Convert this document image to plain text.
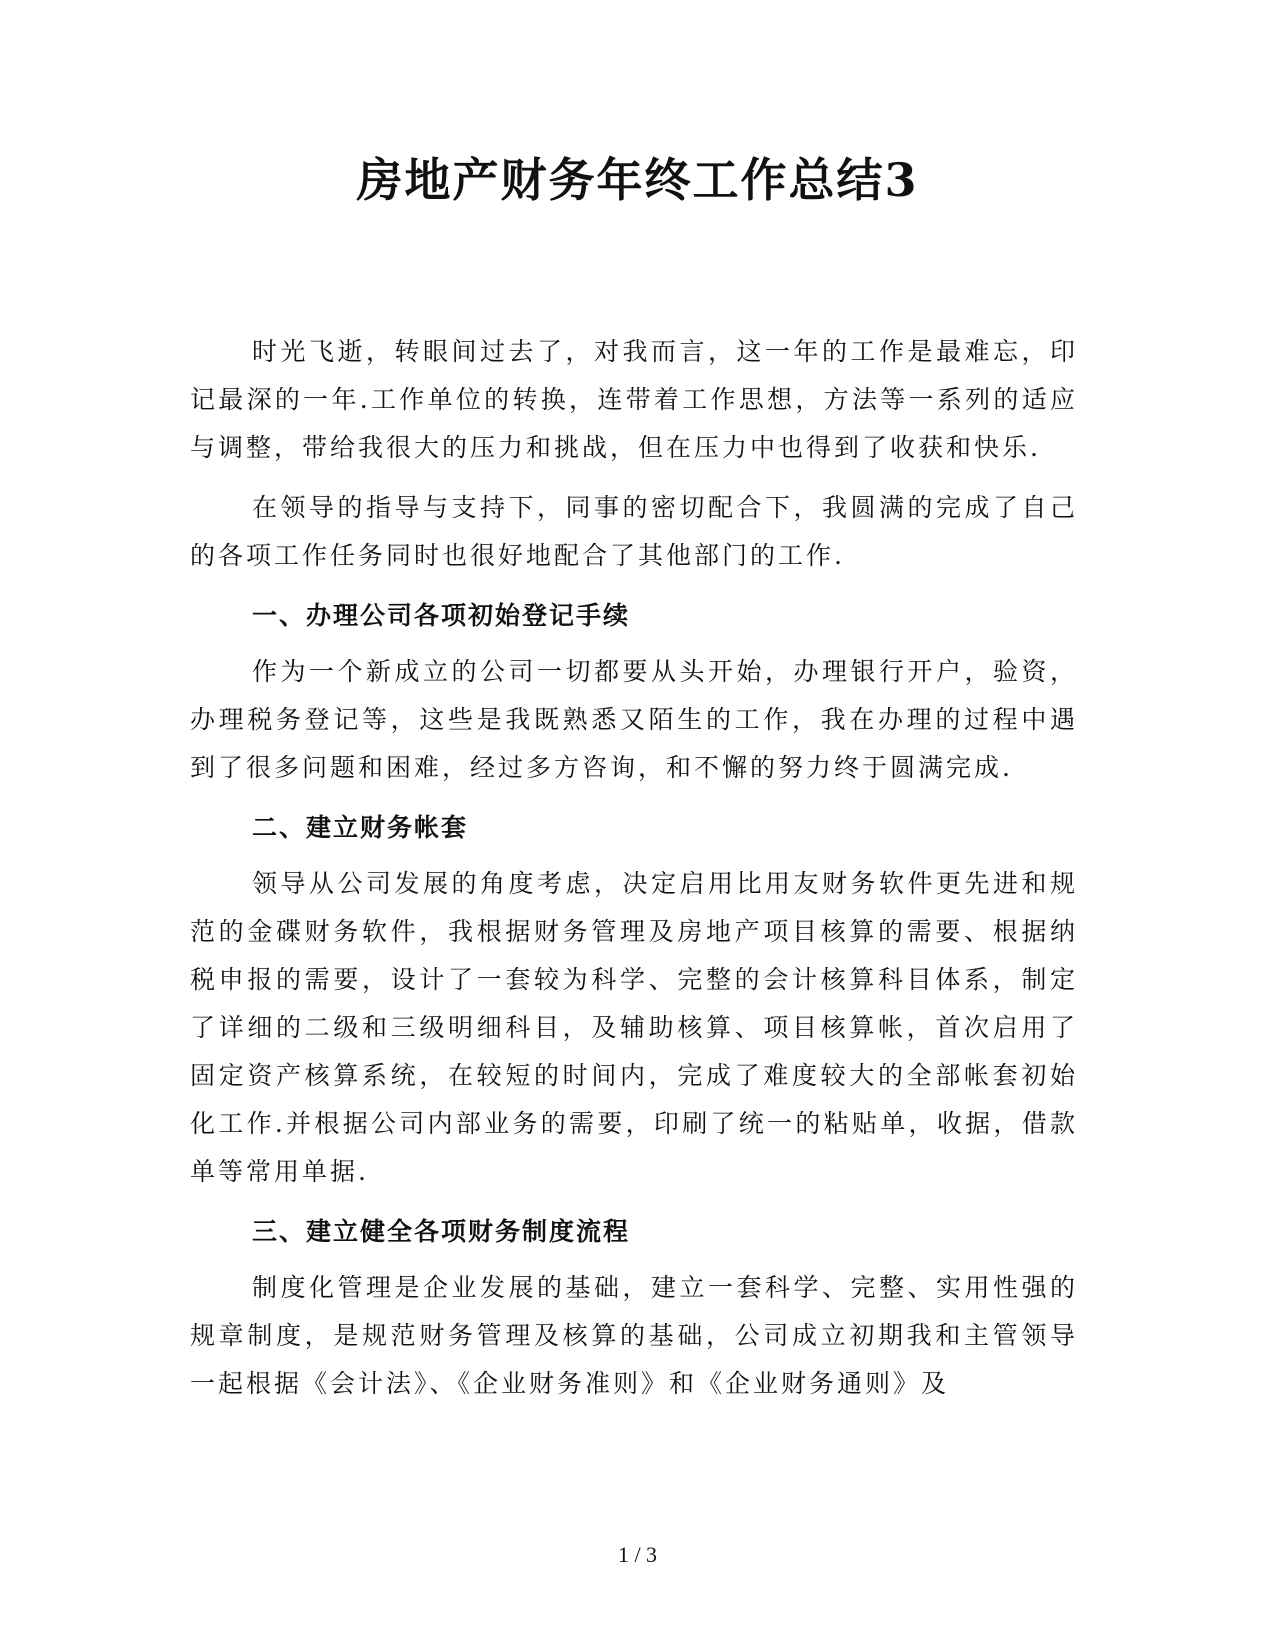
房地产财务年终工作总结3

时光飞逝，转眼间过去了，对我而言，这一年的工作是最难忘，印记最深的一年.工作单位的转换，连带着工作思想，方法等一系列的适应与调整，带给我很大的压力和挑战，但在压力中也得到了收获和快乐.

在领导的指导与支持下，同事的密切配合下，我圆满的完成了自己的各项工作任务同时也很好地配合了其他部门的工作.

一、办理公司各项初始登记手续

作为一个新成立的公司一切都要从头开始，办理银行开户，验资，办理税务登记等，这些是我既熟悉又陌生的工作，我在办理的过程中遇到了很多问题和困难，经过多方咨询，和不懈的努力终于圆满完成.

二、建立财务帐套

领导从公司发展的角度考虑，决定启用比用友财务软件更先进和规范的金碟财务软件，我根据财务管理及房地产项目核算的需要、根据纳税申报的需要，设计了一套较为科学、完整的会计核算科目体系，制定了详细的二级和三级明细科目，及辅助核算、项目核算帐，首次启用了固定资产核算系统，在较短的时间内，完成了难度较大的全部帐套初始化工作.并根据公司内部业务的需要，印刷了统一的粘贴单，收据，借款单等常用单据.

三、建立健全各项财务制度流程

制度化管理是企业发展的基础，建立一套科学、完整、实用性强的规章制度，是规范财务管理及核算的基础，公司成立初期我和主管领导一起根据《会计法》、《企业财务准则》和《企业财务通则》及

1 / 3
